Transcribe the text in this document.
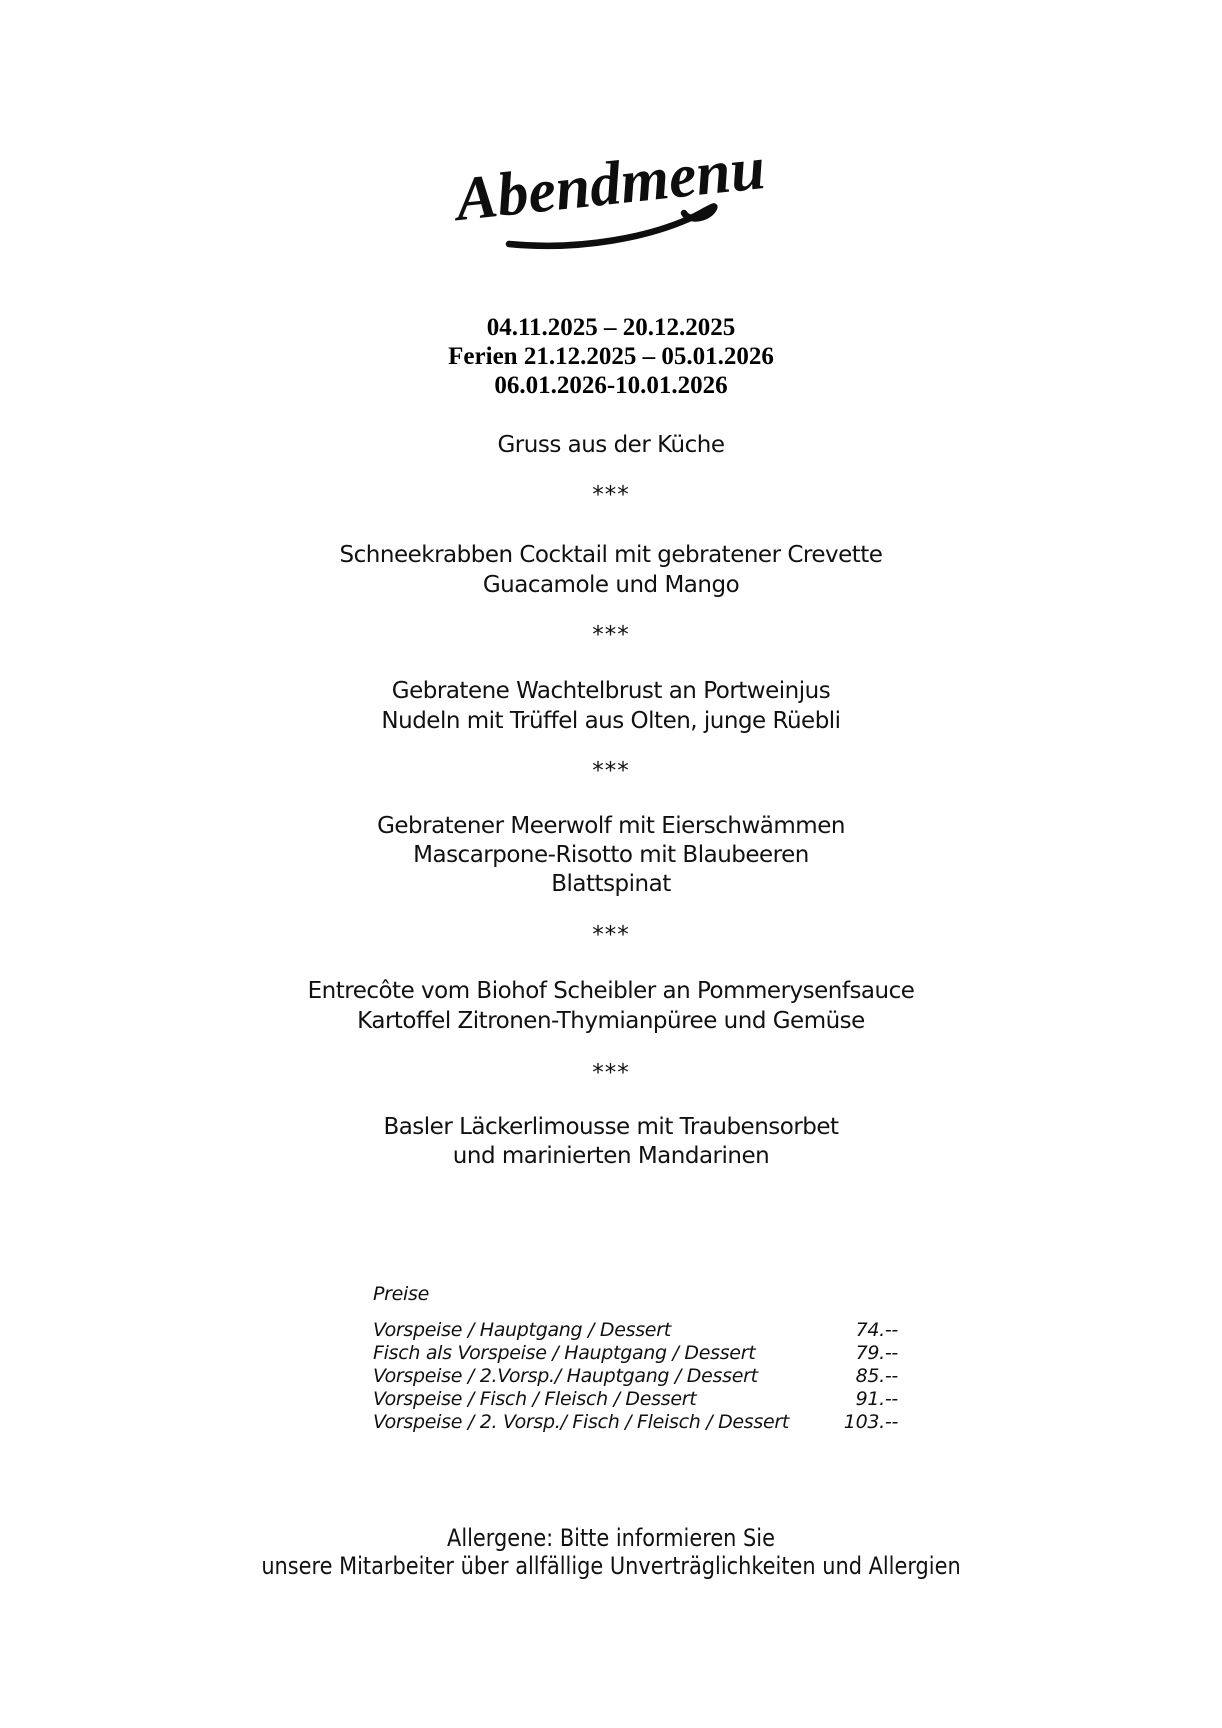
Abendmenu
04.11.2025 – 20.12.2025
Ferien 21.12.2025 – 05.01.2026
06.01.2026-10.01.2026
Gruss aus der Küche
***
Schneekrabben Cocktail mit gebratener Crevette
Guacamole und Mango
***
Gebratene Wachtelbrust an Portweinjus
Nudeln mit Trüffel aus Olten, junge Rüebli
***
Gebratener Meerwolf mit Eierschwämmen
Mascarpone-Risotto mit Blaubeeren
Blattspinat
***
Entrecôte vom Biohof Scheibler an Pommerysenfsauce
Kartoffel Zitronen-Thymianpüree und Gemüse
***
Basler Läckerlimousse mit Traubensorbet
und marinierten Mandarinen
Preise
Vorspeise / Hauptgang / Dessert	74.--
Fisch als Vorspeise / Hauptgang / Dessert	79.--
Vorspeise / 2.Vorsp./ Hauptgang / Dessert	85.--
Vorspeise / Fisch / Fleisch / Dessert	91.--
Vorspeise / 2. Vorsp./ Fisch / Fleisch / Dessert	103.--
Allergene: Bitte informieren Sie
unsere Mitarbeiter über allfällige Unverträglichkeiten und Allergien
